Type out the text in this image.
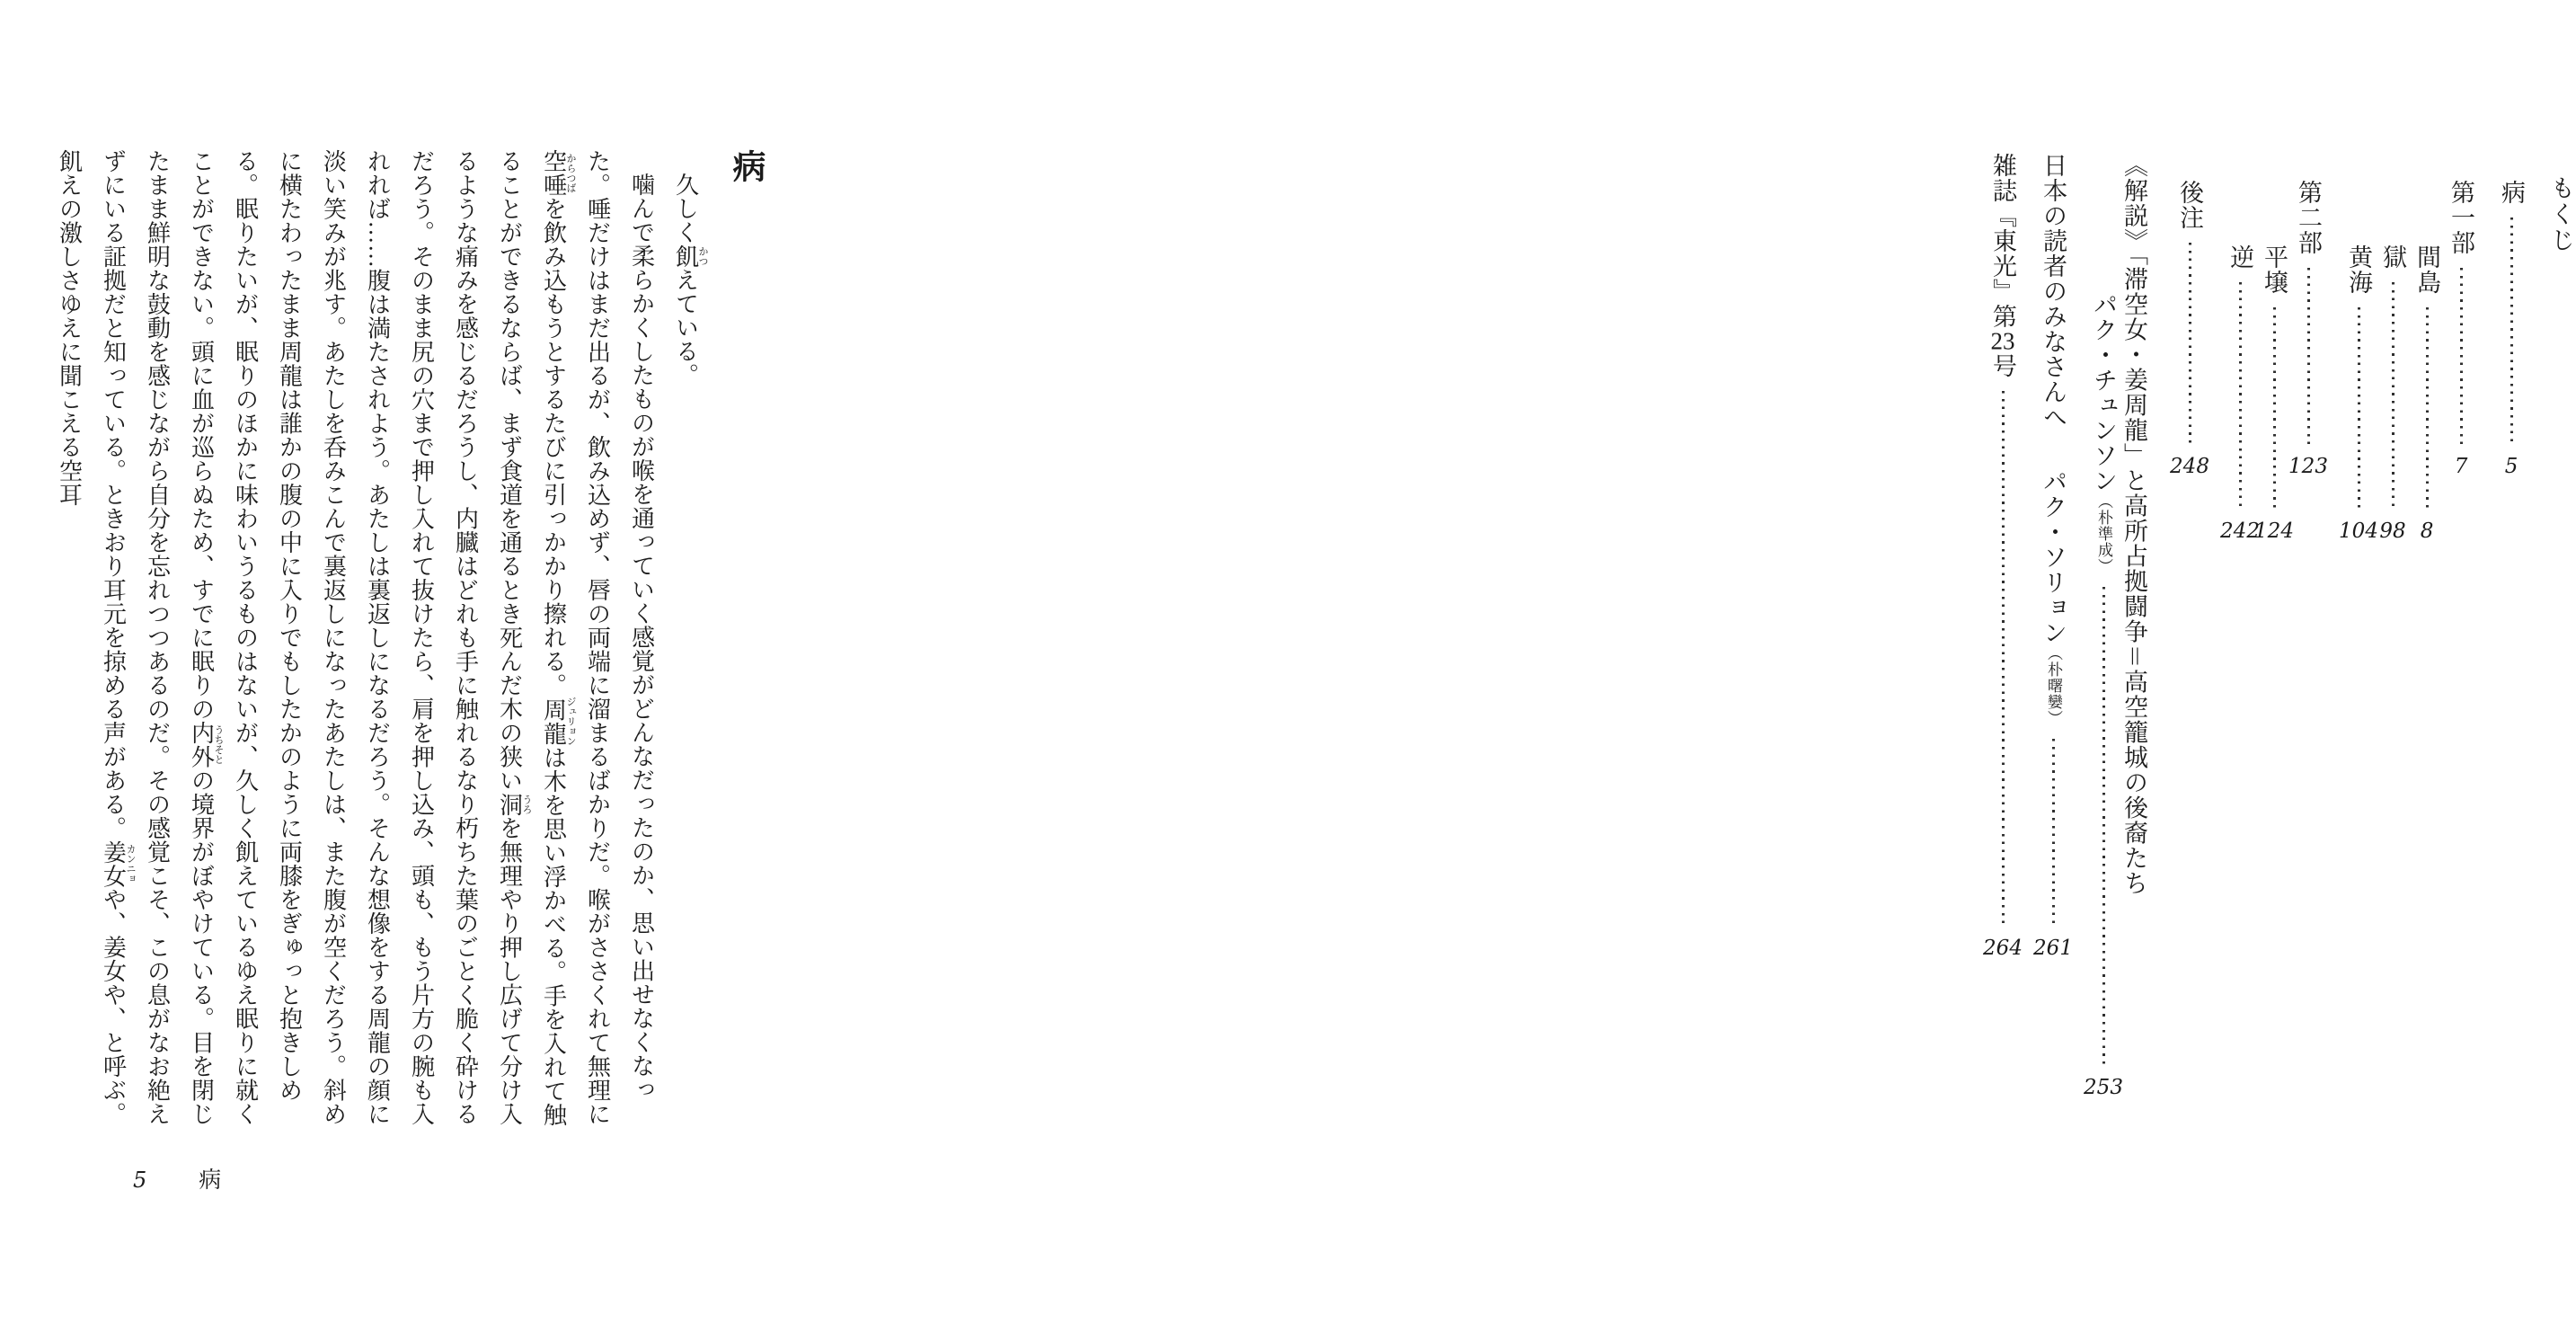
病

久しく飢かつえている。

噛んで柔らかくしたものが喉を通っていく感覚がどんなだったのか、思い出せなくなった。唾だけはまだ出るが、飲み込めず、唇の両端に溜まるばかりだ。喉がささくれて無理に空唾からつばを飲み込もうとするたびに引っかかり擦れる。周龍ジュリョンは木を思い浮かべる。手を入れて触ることができるならば、まず食道を通るとき死んだ木の狭い洞うろを無理やり押し広げて分け入るような痛みを感じるだろうし、内臓はどれも手に触れるなり朽ちた葉のごとく脆く砕けるだろう。そのまま尻の穴まで押し入れて抜けたら、肩を押し込み、頭も、もう片方の腕も入れれば……腹は満たされよう。あたしは裏返しになるだろう。そんな想像をする周龍の顔に淡い笑みが兆す。あたしを呑みこんで裏返しになったあたしは、また腹が空くだろう。斜めに横たわったまま周龍は誰かの腹の中に入りでもしたかのように両膝をぎゅっと抱きしめる。眠りたいが、眠りのほかに味わいうるものはないが、久しく飢えているゆえ眠りに就くことができない。頭に血が巡らぬため、すでに眠りの内外うちそとの境界がぼやけている。目を閉じたまま鮮明な鼓動を感じながら自分を忘れつつあるのだ。その感覚こそ、この息がなお絶えずにいる証拠だと知っている。ときおり耳元を掠める声がある。姜女カンニョや、姜女や、と呼ぶ。飢えの激しさゆえに聞こえる空耳

5 病
もくじ
病
5
第一部
7
間島
8
獄
98
黄海
104
第二部
123
平壌
124
逆
242
後注
248
《解説》「滞空女・姜周龍」と高所占拠闘争＝高空籠城の後裔たち
パク・チュンソン（朴準成）
253
日本の読者のみなさんへ
パク・ソリョン（朴曙孌）
261
雑誌『東光』第23号
264
